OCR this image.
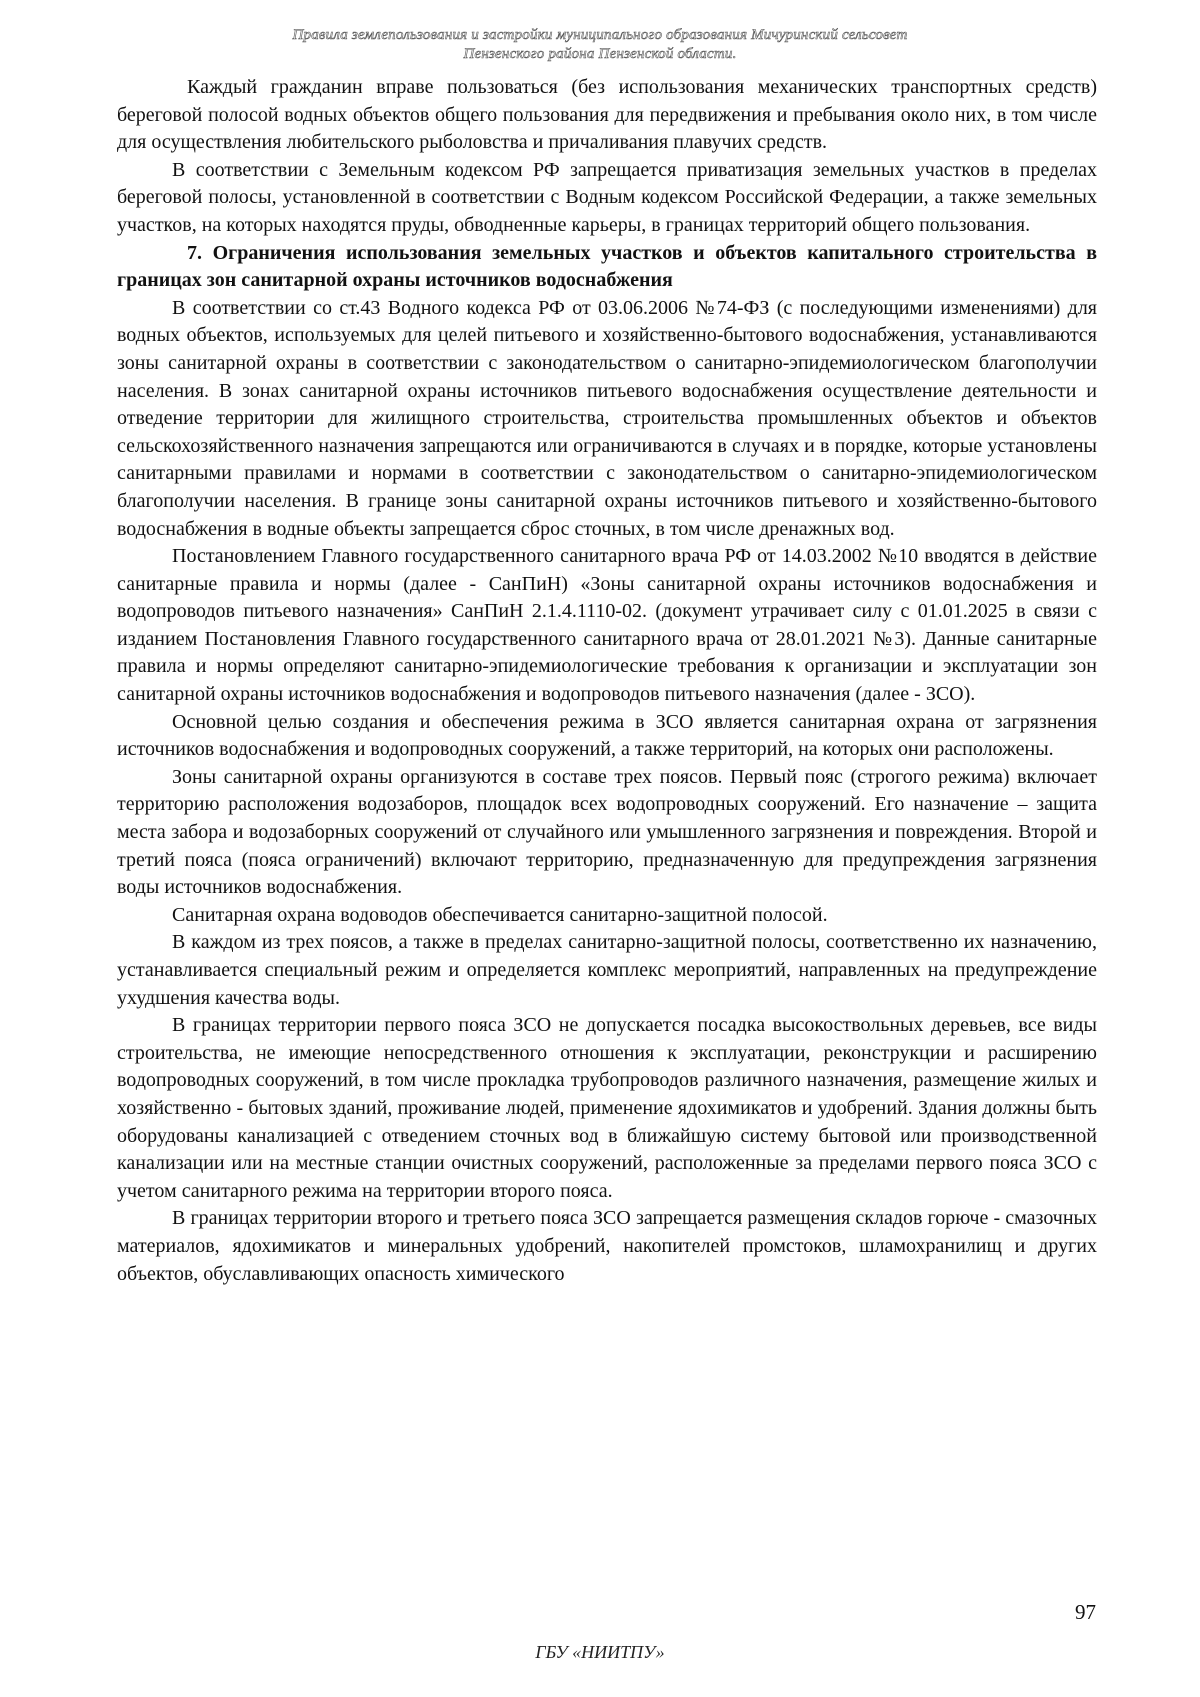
Правила землепользования и застройки муниципального образования Мичуринский сельсовет
Пензенского района Пензенской области.

Каждый гражданин вправе пользоваться (без использования механических транспортных средств) береговой полосой водных объектов общего пользования для передвижения и пребывания около них, в том числе для осуществления любительского рыболовства и причаливания плавучих средств.

В соответствии с Земельным кодексом РФ запрещается приватизация земельных участков в пределах береговой полосы, установленной в соответствии с Водным кодексом Российской Федерации, а также земельных участков, на которых находятся пруды, обводненные карьеры, в границах территорий общего пользования.

7. Ограничения использования земельных участков и объектов капитального строительства в границах зон санитарной охраны источников водоснабжения

В соответствии со ст.43 Водного кодекса РФ от 03.06.2006 №74-ФЗ (с последующими изменениями) для водных объектов, используемых для целей питьевого и хозяйственно-бытового водоснабжения, устанавливаются зоны санитарной охраны в соответствии с законодательством о санитарно-эпидемиологическом благополучии населения. В зонах санитарной охраны источников питьевого водоснабжения осуществление деятельности и отведение территории для жилищного строительства, строительства промышленных объектов и объектов сельскохозяйственного назначения запрещаются или ограничиваются в случаях и в порядке, которые установлены санитарными правилами и нормами в соответствии с законодательством о санитарно-эпидемиологическом благополучии населения. В границе зоны санитарной охраны источников питьевого и хозяйственно-бытового водоснабжения в водные объекты запрещается сброс сточных, в том числе дренажных вод.

Постановлением Главного государственного санитарного врача РФ от 14.03.2002 №10 вводятся в действие санитарные правила и нормы (далее - СанПиН) «Зоны санитарной охраны источников водоснабжения и водопроводов питьевого назначения» СанПиН 2.1.4.1110-02. (документ утрачивает силу с 01.01.2025 в связи с изданием Постановления Главного государственного санитарного врача от 28.01.2021 №3). Данные санитарные правила и нормы определяют санитарно-эпидемиологические требования к организации и эксплуатации зон санитарной охраны источников водоснабжения и водопроводов питьевого назначения (далее - ЗСО).

Основной целью создания и обеспечения режима в ЗСО является санитарная охрана от загрязнения источников водоснабжения и водопроводных сооружений, а также территорий, на которых они расположены.

Зоны санитарной охраны организуются в составе трех поясов. Первый пояс (строгого режима) включает территорию расположения водозаборов, площадок всех водопроводных сооружений. Его назначение – защита места забора и водозаборных сооружений от случайного или умышленного загрязнения и повреждения. Второй и третий пояса (пояса ограничений) включают территорию, предназначенную для предупреждения загрязнения воды источников водоснабжения.

Санитарная охрана водоводов обеспечивается санитарно-защитной полосой.

В каждом из трех поясов, а также в пределах санитарно-защитной полосы, соответственно их назначению, устанавливается специальный режим и определяется комплекс мероприятий, направленных на предупреждение ухудшения качества воды.

В границах территории первого пояса ЗСО не допускается посадка высокоствольных деревьев, все виды строительства, не имеющие непосредственного отношения к эксплуатации, реконструкции и расширению водопроводных сооружений, в том числе прокладка трубопроводов различного назначения, размещение жилых и хозяйственно - бытовых зданий, проживание людей, применение ядохимикатов и удобрений. Здания должны быть оборудованы канализацией с отведением сточных вод в ближайшую систему бытовой или производственной канализации или на местные станции очистных сооружений, расположенные за пределами первого пояса ЗСО с учетом санитарного режима на территории второго пояса.

В границах территории второго и третьего пояса ЗСО запрещается размещения складов горюче - смазочных материалов, ядохимикатов и минеральных удобрений, накопителей промстоков, шламохранилищ и других объектов, обуславливающих опасность химического

97
ГБУ «НИИТПУ»
